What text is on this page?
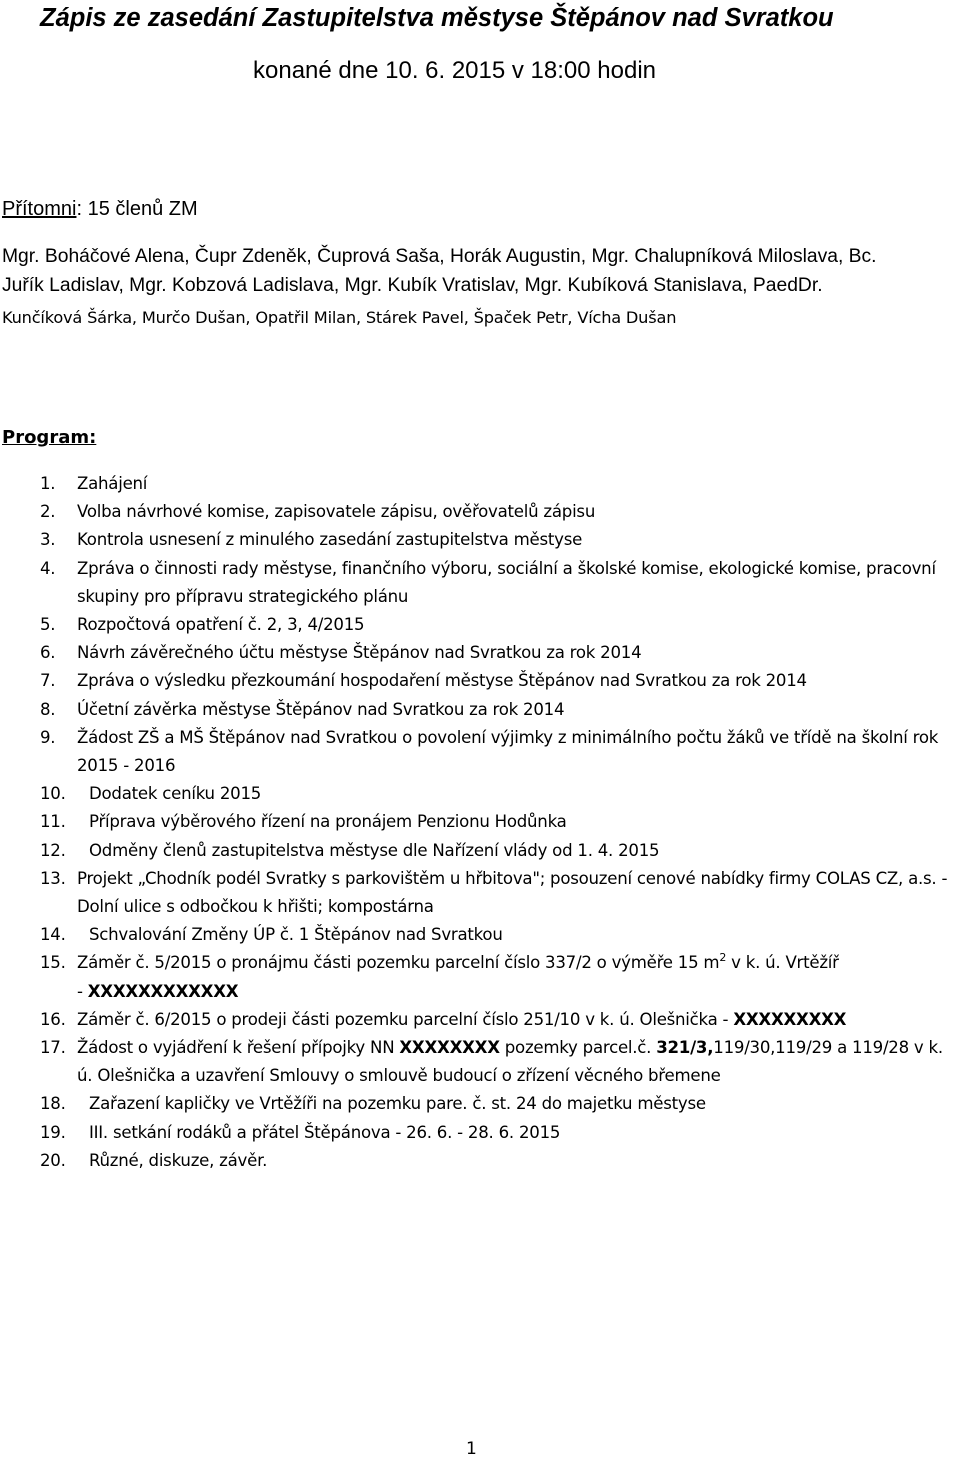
Zápis ze zasedání Zastupitelstva městyse Štěpánov nad Svratkou
konané dne 10. 6. 2015 v 18:00 hodin
Přítomni: 15 členů ZM
Mgr. Boháčové Alena, Čupr Zdeněk, Čuprová Saša, Horák Augustin, Mgr. Chalupníková Miloslava, Bc.
Juřík Ladislav, Mgr. Kobzová Ladislava, Mgr. Kubík Vratislav, Mgr. Kubíková Stanislava, PaedDr.
Kunčíková Šárka, Murčo Dušan, Opatřil Milan, Stárek Pavel, Špaček Petr, Vícha Dušan
Program:
1. Zahájení
2. Volba návrhové komise, zapisovatele zápisu, ověřovatelů zápisu
3. Kontrola usnesení z minulého zasedání zastupitelstva městyse
4. Zpráva o činnosti rady městyse, finančního výboru, sociální a školské komise, ekologické komise, pracovní skupiny pro přípravu strategického plánu
5. Rozpočtová opatření č. 2, 3, 4/2015
6. Návrh závěrečného účtu městyse Štěpánov nad Svratkou za rok 2014
7. Zpráva o výsledku přezkoumání hospodaření městyse Štěpánov nad Svratkou za rok 2014
8. Účetní závěrka městyse Štěpánov nad Svratkou za rok 2014
9. Žádost ZŠ a MŠ Štěpánov nad Svratkou o povolení výjimky z minimálního počtu žáků ve třídě na školní rok 2015 - 2016
10. Dodatek ceníku 2015
11. Příprava výběrového řízení na pronájem Penzionu Hodůnka
12. Odměny členů zastupitelstva městyse dle Nařízení vlády od 1. 4. 2015
13. Projekt „Chodník podél Svratky s parkovištěm u hřbitova"; posouzení cenové nabídky firmy COLAS CZ, a.s. - Dolní ulice s odbočkou k hřišti; kompostárna
14. Schvalování Změny ÚP č. 1 Štěpánov nad Svratkou
15. Záměr č. 5/2015 o pronájmu části pozemku parcelní číslo 337/2 o výměře 15 $m^2$ v k. ú. Vrtěžíř
- XXXXXXXXXXXX
16. Záměr č. 6/2015 o prodeji části pozemku parcelní číslo 251/10 v k. ú. Olešnička - XXXXXXXXX
17. Žádost o vyjádření k řešení přípojky NN XXXXXXXX pozemky parcel.č. 321/3,119/30,119/29 a 119/28 v k. ú. Olešnička a uzavření Smlouvy o smlouvě budoucí o zřízení věcného břemene
18. Zařazení kapličky ve Vrtěžíři na pozemku pare. č. st. 24 do majetku městyse
19. III. setkání rodáků a přátel Štěpánova - 26. 6. - 28. 6. 2015
20. Různé, diskuze, závěr.
1
